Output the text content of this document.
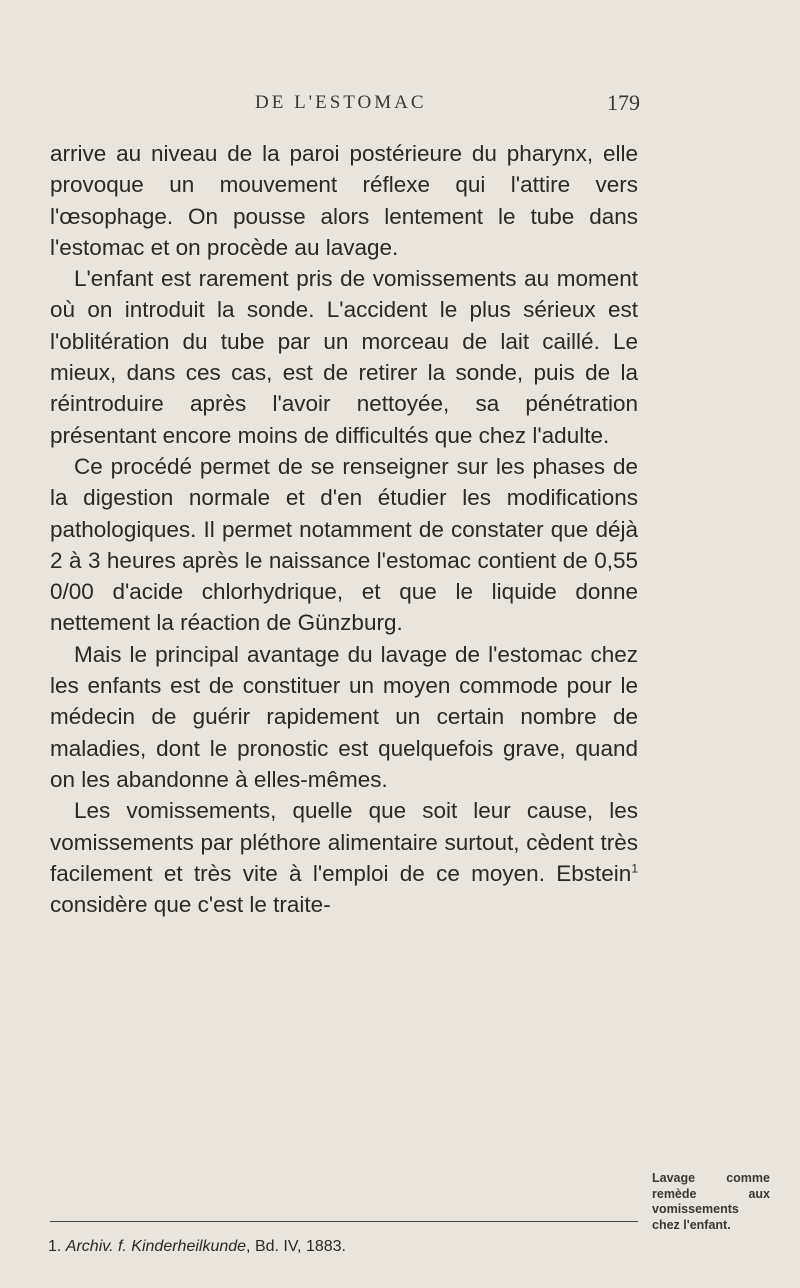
DE L'ESTOMAC	179

arrive au niveau de la paroi postérieure du pharynx, elle provoque un mouvement réflexe qui l'attire vers l'œsophage. On pousse alors lentement le tube dans l'estomac et on procède au lavage.

L'enfant est rarement pris de vomissements au moment où on introduit la sonde. L'accident le plus sérieux est l'oblitération du tube par un morceau de lait caillé. Le mieux, dans ces cas, est de retirer la sonde, puis de la réintroduire après l'avoir nettoyée, sa pénétration présentant encore moins de difficultés que chez l'adulte.

Ce procédé permet de se renseigner sur les phases de la digestion normale et d'en étudier les modifications pathologiques. Il permet notamment de constater que déjà 2 à 3 heures après le naissance l'estomac contient de 0,55 0/00 d'acide chlorhydrique, et que le liquide donne nettement la réaction de Günzburg.

Mais le principal avantage du lavage de l'estomac chez les enfants est de constituer un moyen commode pour le médecin de guérir rapidement un certain nombre de maladies, dont le pronostic est quelquefois grave, quand on les abandonne à elles-mêmes.

Les vomissements, quelle que soit leur cause, les vomissements par pléthore alimentaire surtout, cèdent très facilement et très vite à l'emploi de ce moyen. Ebstein$^1$ considère que c'est le traite-

Lavage comme remède aux vomissements chez l'enfant.
1. Archiv. f. Kinderheilkunde, Bd. IV, 1883.
